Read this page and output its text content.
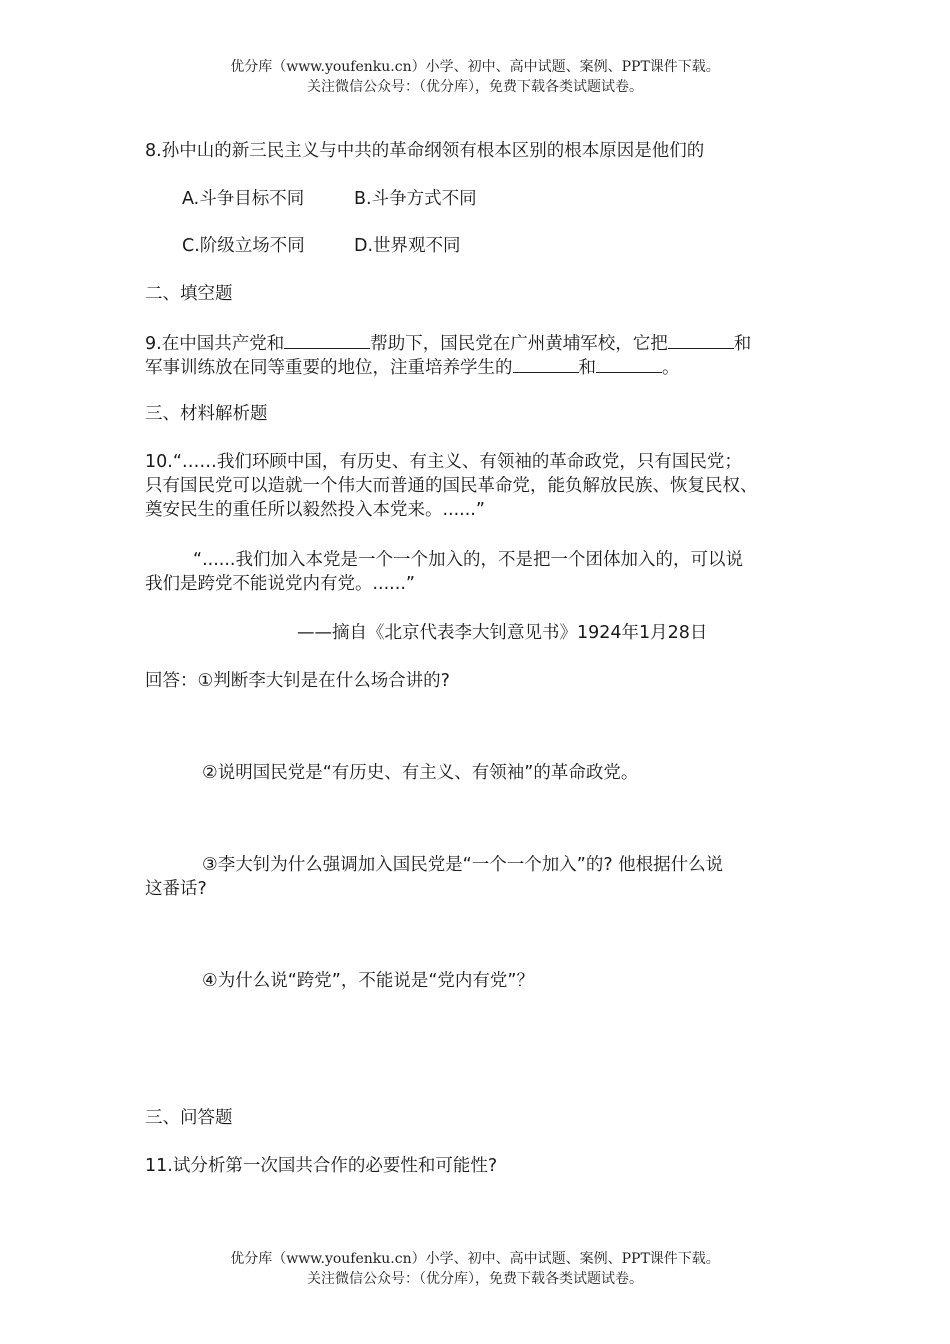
优分库（www.youfenku.cn）小学、初中、高中试题、案例、PPT课件下载。
关注微信公众号：（优分库），免费下载各类试题试卷。
8.孙中山的新三民主义与中共的革命纲领有根本区别的根本原因是他们的
A.斗争目标不同	B.斗争方式不同
C.阶级立场不同	D.世界观不同
二、填空题
9.在中国共产党和	帮助下，国民党在广州黄埔军校，它把	和
军事训练放在同等重要的地位，注重培养学生的	和	。
三、材料解析题
10.“……我们环顾中国，有历史、有主义、有领袖的革命政党，只有国民党；
只有国民党可以造就一个伟大而普通的国民革命党，能负解放民族、恢复民权、
奠安民生的重任所以毅然投入本党来。......”
“......我们加入本党是一个一个加入的，不是把一个团体加入的，可以说
我们是跨党不能说党内有党。......”
——摘自《北京代表李大钊意见书》1924年1月28日
回答：①判断李大钊是在什么场合讲的?
②说明国民党是“有历史、有主义、有领袖”的革命政党。
③李大钊为什么强调加入国民党是“一个一个加入”的? 他根据什么说
这番话?
④为什么说“跨党”，不能说是“党内有党”？
三、问答题
11.试分析第一次国共合作的必要性和可能性?
优分库（www.youfenku.cn）小学、初中、高中试题、案例、PPT课件下载。
关注微信公众号：（优分库），免费下载各类试题试卷。
